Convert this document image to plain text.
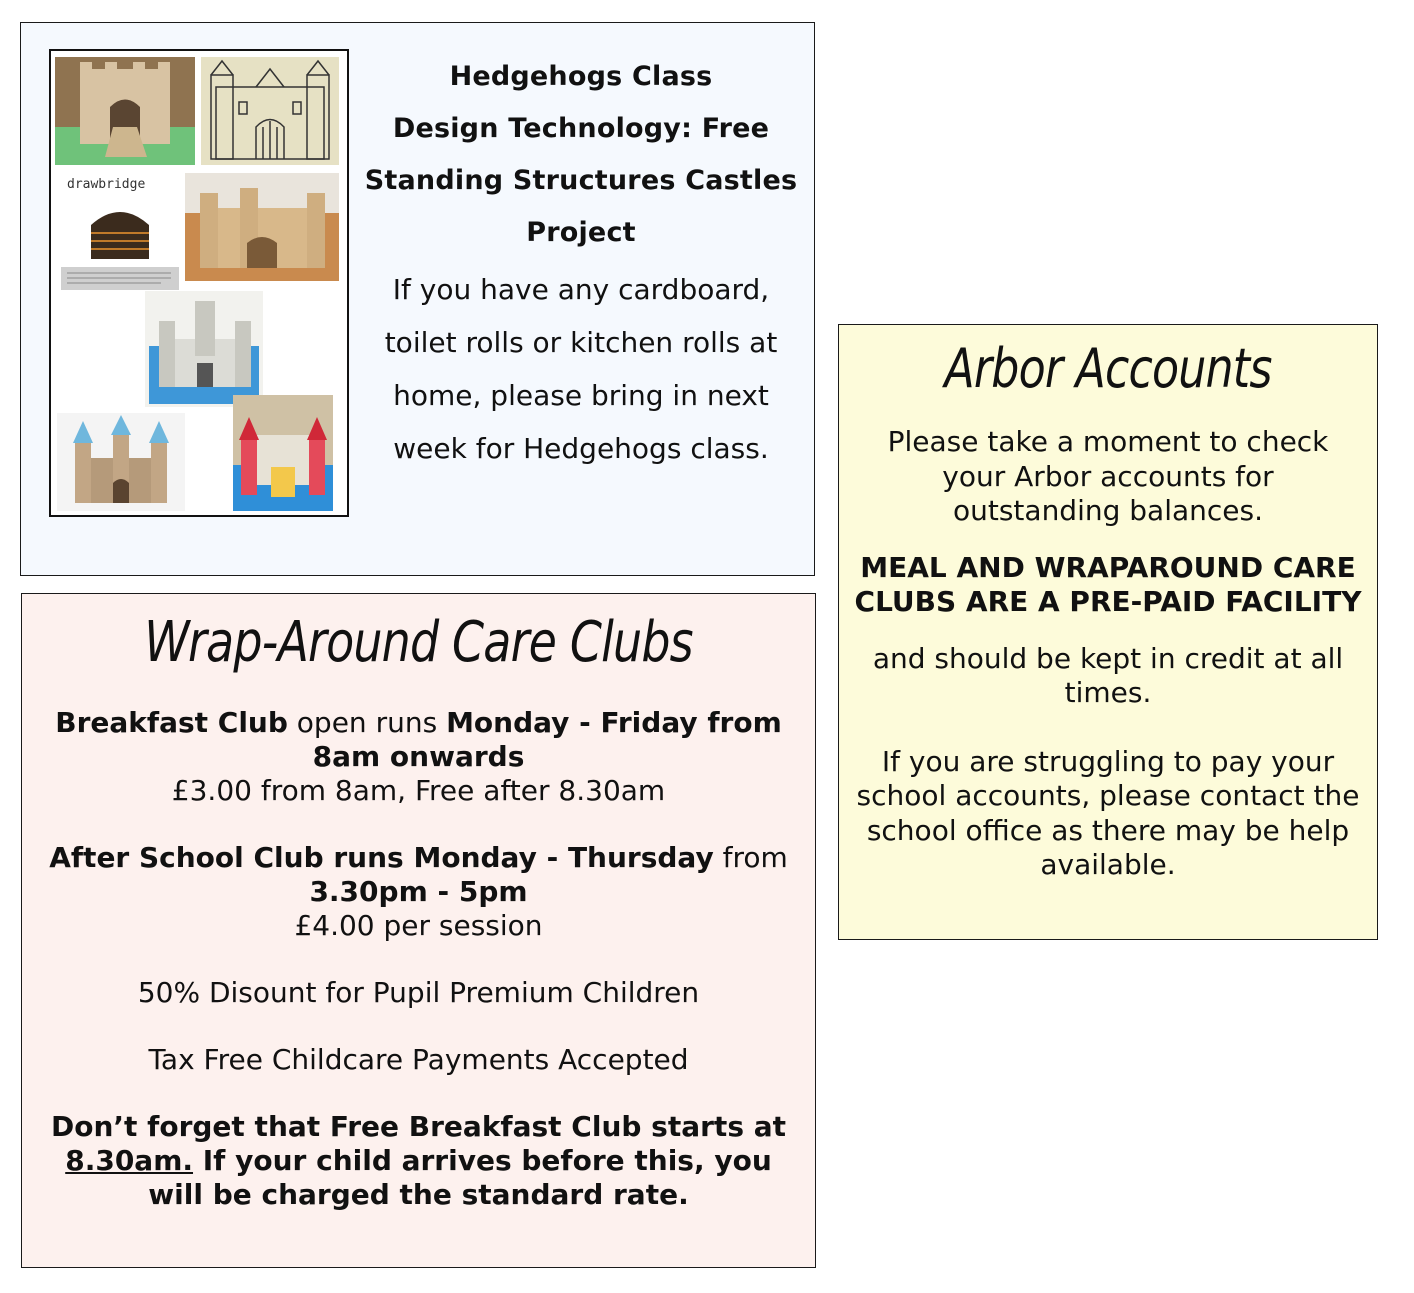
drawbridge
Hedgehogs Class
Design Technology: Free
Standing Structures Castles
Project
If you have any cardboard,
toilet rolls or kitchen rolls at
home, please bring in next
week for Hedgehogs class.
Wrap-Around Care Clubs

Breakfast Club open runs Monday - Friday from 8am onwards
£3.00 from 8am, Free after 8.30am

After School Club runs Monday - Thursday from 3.30pm - 5pm
£4.00 per session

50% Disount for Pupil Premium Children

Tax Free Childcare Payments Accepted

Don’t forget that Free Breakfast Club starts at 8.30am. If your child arrives before this, you will be charged the standard rate.

Arbor Accounts

Please take a moment to check your Arbor accounts for outstanding balances.

MEAL AND WRAPAROUND CARE CLUBS ARE A PRE-PAID FACILITY

and should be kept in credit at all times.

If you are struggling to pay your school accounts, please contact the school office as there may be help available.
